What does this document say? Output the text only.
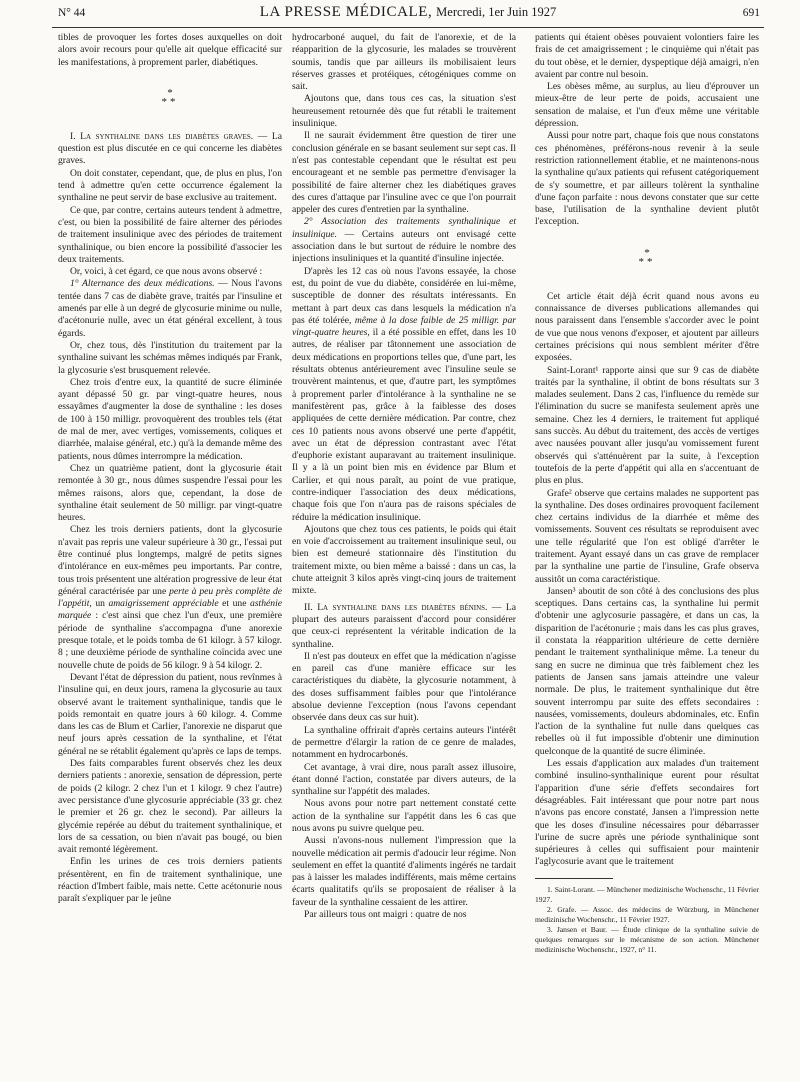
N° 44	LA PRESSE MÉDICALE, Mercredi, 1er Juin 1927	691

tibles de provoquer les fortes doses auxquelles on doit alors avoir recours pour qu'elle ait quelque efficacité sur les manifestations, à proprement parler, diabétiques.

*
**

I. La synthaline dans les diabètes graves. — La question est plus discutée en ce qui concerne les diabètes graves.

On doit constater, cependant, que, de plus en plus, l'on tend à admettre qu'en cette occurrence également la synthaline ne peut servir de base exclusive au traitement.

Ce que, par contre, certains auteurs tendent à admettre, c'est, ou bien la possibilité de faire alterner des périodes de traitement insulinique avec des périodes de traitement synthalinique, ou bien encore la possibilité d'associer les deux traitements.

Or, voici, à cet égard, ce que nous avons observé :

1° Alternance des deux médications. — Nous l'avons tentée dans 7 cas de diabète grave, traités par l'insuline et amenés par elle à un degré de glycosurie minime ou nulle, d'acétonurie nulle, avec un état général excellent, à tous égards.

Or, chez tous, dès l'institution du traitement par la synthaline suivant les schémas mêmes indiqués par Frank, la glycosurie s'est brusquement relevée.

Chez trois d'entre eux, la quantité de sucre éliminée ayant dépassé 50 gr. par vingt-quatre heures, nous essayâmes d'augmenter la dose de synthaline : les doses de 100 à 150 milligr. provoquèrent des troubles tels (état de mal de mer, avec vertiges, vomissements, coliques et diarrhée, malaise général, etc.) qu'à la demande même des patients, nous dûmes interrompre la médication.

Chez un quatrième patient, dont la glycosurie était remontée à 30 gr., nous dûmes suspendre l'essai pour les mêmes raisons, alors que, cependant, la dose de synthaline était seulement de 50 milligr. par vingt-quatre heures.

Chez les trois derniers patients, dont la glycosurie n'avait pas repris une valeur supérieure à 30 gr., l'essai put être continué plus longtemps, malgré de petits signes d'intolérance en eux-mêmes peu importants. Par contre, tous trois présentent une altération progressive de leur état général caractérisée par une perte à peu près complète de l'appétit, un amaigrissement appréciable et une asthénie marquée : c'est ainsi que chez l'un d'eux, une première période de synthaline s'accompagna d'une anorexie presque totale, et le poids tomba de 61 kilogr. à 57 kilogr. 8 ; une deuxième période de synthaline coïncida avec une nouvelle chute de poids de 56 kilogr. 9 à 54 kilogr. 2.

Devant l'état de dépression du patient, nous revînmes à l'insuline qui, en deux jours, ramena la glycosurie au taux observé avant le traitement synthalinique, tandis que le poids remontait en quatre jours à 60 kilogr. 4. Comme dans les cas de Blum et Carlier, l'anorexie ne disparut que neuf jours après cessation de la synthaline, et l'état général ne se rétablit également qu'après ce laps de temps.

Des faits comparables furent observés chez les deux derniers patients : anorexie, sensation de dépression, perte de poids (2 kilogr. 2 chez l'un et 1 kilogr. 9 chez l'autre) avec persistance d'une glycosurie appréciable (33 gr. chez le premier et 26 gr. chez le second). Par ailleurs la glycémie repérée au début du traitement synthalinique, et lors de sa cessation, ou bien n'avait pas bougé, ou bien avait remonté légèrement.

Enfin les urines de ces trois derniers patients présentèrent, en fin de traitement synthalinique, une réaction d'Imbert faible, mais nette. Cette acétonurie nous paraît s'expliquer par le jeûne

hydrocarboné auquel, du fait de l'anorexie, et de la réapparition de la glycosurie, les malades se trouvèrent soumis, tandis que par ailleurs ils mobilisaient leurs réserves grasses et protéiques, cétogéniques comme on sait.

Ajoutons que, dans tous ces cas, la situation s'est heureusement retournée dès que fut rétabli le traitement insulinique.

Il ne saurait évidemment être question de tirer une conclusion générale en se basant seulement sur sept cas. Il n'est pas contestable cependant que le résultat est peu encourageant et ne semble pas permettre d'envisager la possibilité de faire alterner chez les diabétiques graves des cures d'attaque par l'insuline avec ce que l'on pourrait appeler des cures d'entretien par la synthaline.

2° Association des traitements synthalinique et insulinique. — Certains auteurs ont envisagé cette association dans le but surtout de réduire le nombre des injections insuliniques et la quantité d'insuline injectée.

D'après les 12 cas où nous l'avons essayée, la chose est, du point de vue du diabète, considérée en lui-même, susceptible de donner des résultats intéressants. En mettant à part deux cas dans lesquels la médication n'a pas été tolérée, même à la dose faible de 25 milligr. par vingt-quatre heures, il a été possible en effet, dans les 10 autres, de réaliser par tâtonnement une association de deux médications en proportions telles que, d'une part, les résultats obtenus antérieurement avec l'insuline seule se trouvèrent maintenus, et que, d'autre part, les symptômes à proprement parler d'intolérance à la synthaline ne se manifestèrent pas, grâce à la faiblesse des doses appliquées de cette dernière médication. Par contre, chez ces 10 patients nous avons observé une perte d'appétit, avec un état de dépression contrastant avec l'état d'euphorie existant auparavant au traitement insulinique. Il y a là un point bien mis en évidence par Blum et Carlier, et qui nous paraît, au point de vue pratique, contre-indiquer l'association des deux médications, chaque fois que l'on n'aura pas de raisons spéciales de réduire la médication insulinique.

Ajoutons que chez tous ces patients, le poids qui était en voie d'accroissement au traitement insulinique seul, ou bien est demeuré stationnaire dès l'institution du traitement mixte, ou bien même a baissé : dans un cas, la chute atteignit 3 kilos après vingt-cinq jours de traitement mixte.

II. La synthaline dans les diabètes bénins. — La plupart des auteurs paraissent d'accord pour considérer que ceux-ci représentent la véritable indication de la synthaline.

Il n'est pas douteux en effet que la médication n'agisse en pareil cas d'une manière efficace sur les caractéristiques du diabète, la glycosurie notamment, à des doses suffisamment faibles pour que l'intolérance absolue devienne l'exception (nous l'avons cependant observée dans deux cas sur huit).

La synthaline offrirait d'après certains auteurs l'intérêt de permettre d'élargir la ration de ce genre de malades, notamment en hydrocarbonés.

Cet avantage, à vrai dire, nous paraît assez illusoire, étant donné l'action, constatée par divers auteurs, de la synthaline sur l'appétit des malades.

Nous avons pour notre part nettement constaté cette action de la synthaline sur l'appétit dans les 6 cas que nous avons pu suivre quelque peu.

Aussi n'avons-nous nullement l'impression que la nouvelle médication ait permis d'adoucir leur régime. Non seulement en effet la quantité d'aliments ingérés ne tardait pas à laisser les malades indifférents, mais même certains écarts qualitatifs qu'ils se proposaient de réaliser à la faveur de la synthaline cessaient de les attirer.

Par ailleurs tous ont maigri : quatre de nos

patients qui étaient obèses pouvaient volontiers faire les frais de cet amaigrissement ; le cinquième qui n'était pas du tout obèse, et le dernier, dyspeptique déjà amaigri, n'en avaient par contre nul besoin.

Les obèses même, au surplus, au lieu d'éprouver un mieux-être de leur perte de poids, accusaient une sensation de malaise, et l'un d'eux même une véritable dépression.

Aussi pour notre part, chaque fois que nous constatons ces phénomènes, préférons-nous revenir à la seule restriction rationnellement établie, et ne maintenons-nous la synthaline qu'aux patients qui refusent catégoriquement de s'y soumettre, et par ailleurs tolèrent la synthaline d'une façon parfaite : nous devons constater que sur cette base, l'utilisation de la synthaline devient plutôt l'exception.

*
**

Cet article était déjà écrit quand nous avons eu connaissance de diverses publications allemandes qui nous paraissent dans l'ensemble s'accorder avec le point de vue que nous venons d'exposer, et ajoutent par ailleurs certaines précisions qui nous semblent mériter d'être exposées.

Saint-Lorant¹ rapporte ainsi que sur 9 cas de diabète traités par la synthaline, il obtint de bons résultats sur 3 malades seulement. Dans 2 cas, l'influence du remède sur l'élimination du sucre se manifesta seulement après une semaine. Chez les 4 derniers, le traitement fut appliqué sans succès. Au début du traitement, des accès de vertiges avec nausées pouvant aller jusqu'au vomissement furent observés qui s'atténuèrent par la suite, à l'exception toutefois de la perte d'appétit qui alla en s'accentuant de plus en plus.

Grafe² observe que certains malades ne supportent pas la synthaline. Des doses ordinaires provoquent facilement chez certains individus de la diarrhée et même des vomissements. Souvent ces résultats se reproduisent avec une telle régularité que l'on est obligé d'arrêter le traitement. Ayant essayé dans un cas grave de remplacer par la synthaline une partie de l'insuline, Grafe observa aussitôt un coma caractéristique.

Jansen³ aboutit de son côté à des conclusions des plus sceptiques. Dans certains cas, la synthaline lui permit d'obtenir une aglycosurie passagère, et dans un cas, la disparition de l'acétonurie ; mais dans les cas plus graves, il constata la réapparition ultérieure de cette dernière pendant le traitement synthalinique même. La teneur du sang en sucre ne diminua que très faiblement chez les patients de Jansen sans jamais atteindre une valeur normale. De plus, le traitement synthalinique dut être souvent interrompu par suite des effets secondaires : nausées, vomissements, douleurs abdominales, etc. Enfin l'action de la synthaline fut nulle dans quelques cas rebelles où il fut impossible d'obtenir une diminution quelconque de la quantité de sucre éliminée.

Les essais d'application aux malades d'un traitement combiné insulino-synthalinique eurent pour résultat l'apparition d'une série d'effets secondaires fort désagréables. Fait intéressant que pour notre part nous n'avons pas encore constaté, Jansen a l'impression nette que les doses d'insuline nécessaires pour débarrasser l'urine de sucre après une période synthalinique sont supérieures à celles qui suffisaient pour maintenir l'aglycosurie avant que le traitement

1. Saint-Lorant. — Münchener medizinische Wochenschr., 11 Février 1927.

2. Grafe. — Assoc. des médecins de Würzburg, in Münchener medizinische Wochenschr., 11 Février 1927.

3. Jansen et Baur. — Étude clinique de la synthaline suivie de quelques remarques sur le mécanisme de son action. Münchener medizinische Wochenschr., 1927, n° 11.
